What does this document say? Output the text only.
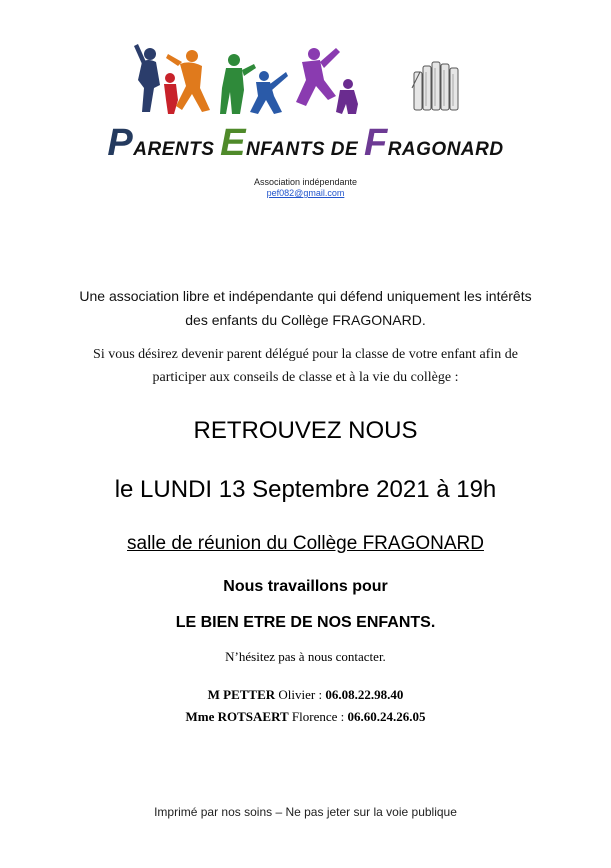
PARENTS ENFANTS DE FRAGONARD
Association indépendante
pef082@gmail.com
Une association libre et indépendante qui défend uniquement les intérêts
des enfants du Collège FRAGONARD.
Si vous désirez devenir parent délégué pour la classe de votre enfant afin de
participer aux conseils de classe et à la vie du collège :
RETROUVEZ NOUS
le LUNDI 13 Septembre 2021 à 19h
salle de réunion du Collège FRAGONARD
Nous travaillons pour
LE BIEN ETRE DE NOS ENFANTS.
N’hésitez pas à nous contacter.
M PETTER Olivier : 06.08.22.98.40
Mme ROTSAERT Florence : 06.60.24.26.05
Imprimé par nos soins – Ne pas jeter sur la voie publique
